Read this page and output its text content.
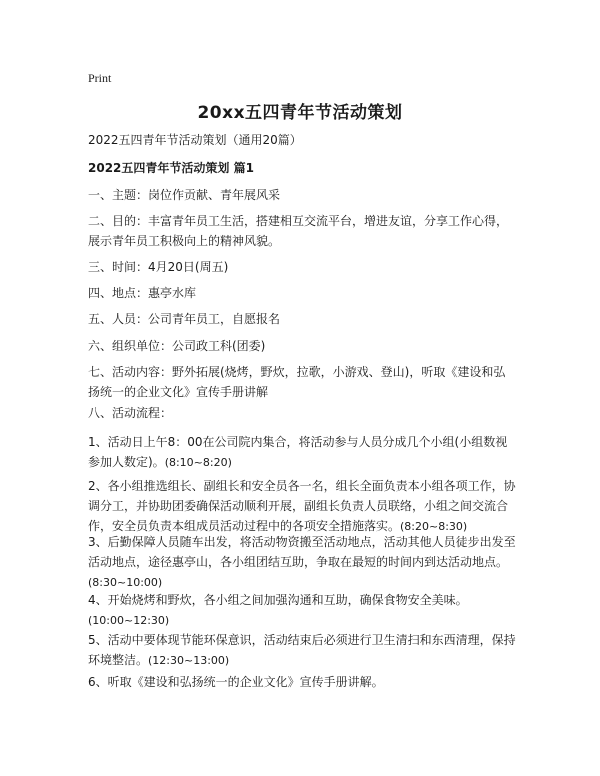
Print
20xx五四青年节活动策划

2022五四青年节活动策划（通用20篇）

2022五四青年节活动策划 篇1

一、主题：岗位作贡献、青年展风采

二、目的：丰富青年员工生活，搭建相互交流平台，增进友谊，分享工作心得，展示青年员工积极向上的精神风貌。

三、时间：4月20日(周五)

四、地点：惠亭水库

五、人员：公司青年员工，自愿报名

六、组织单位：公司政工科(团委)

七、活动内容：野外拓展(烧烤，野炊，拉歌，小游戏、登山)，听取《建设和弘扬统一的企业文化》宣传手册讲解

八、活动流程：

1、活动日上午8：00在公司院内集合，将活动参与人员分成几个小组(小组数视参加人数定)。(8:10~8:20)

2、各小组推选组长、副组长和安全员各一名，组长全面负责本小组各项工作，协调分工，并协助团委确保活动顺利开展，副组长负责人员联络，小组之间交流合作，安全员负责本组成员活动过程中的各项安全措施落实。(8:20~8:30)

3、后勤保障人员随车出发，将活动物资搬至活动地点，活动其他人员徒步出发至活动地点，途径惠亭山，各小组团结互助，争取在最短的时间内到达活动地点。(8:30~10:00)

4、开始烧烤和野炊，各小组之间加强沟通和互助，确保食物安全美味。(10:00~12:30)

5、活动中要体现节能环保意识，活动结束后必须进行卫生清扫和东西清理，保持环境整洁。(12:30~13:00)

6、听取《建设和弘扬统一的企业文化》宣传手册讲解。
